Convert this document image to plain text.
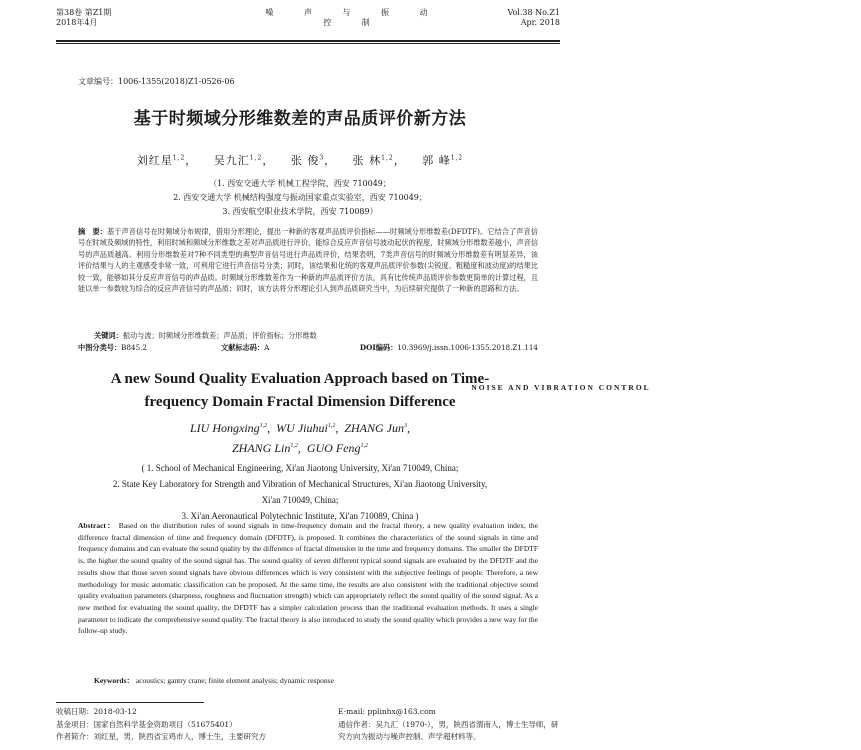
第38卷 第Z1期
2018年4月
噪 声 与 振 动 控 制
NOISE AND VIBRATION CONTROL
Vol.38 No.Z1
Apr. 2018
文章编号：1006-1355(2018)Z1-0526-06
基于时频域分形维数差的声品质评价新方法
刘红星$^{1,2}$， 吴九汇$^{1,2}$， 张 俊$^3$， 张 林$^{1,2}$， 郭 峰$^{1,2}$
（1. 西安交通大学 机械工程学院，西安 710049；
2. 西安交通大学 机械结构强度与振动国家重点实验室，西安 710049；
3. 西安航空职业技术学院，西安 710089）
摘　要：基于声音信号在时频域分布规律，借用分形理论，提出一种新的客观声品质评价指标——时频域分形维数差(DFDTF)。它结合了声音信号在时域及频域的特性，利用时域和频域分形维数之差对声品质进行评价，能综合反应声音信号波动起伏的程度，时频域分形维数差越小，声音信号的声品质越高。利用分形维数差对7种不同类型的典型声音信号进行声品质评价，结果表明，7类声音信号的时频域分形维数差有明显差异，该评价结果与人的主观感受非常一致，可利用它进行声音信号分类；同时，该结果和化统的客观声品质评价参数(尖锐度、粗糙度和波动度)的结果比较一致，能够如其分反应声音信号的声品质。时频域分形维数差作为一种新的声品质评价方法，具有比传统声品质评价参数更简单的计算过程，且能以单一参数较为综合的反应声音信号的声品质；同时，该方法将分形理论引入到声品质研究当中，为后续研究提供了一种新的思路和方法。
关键词：振动与波；时频域分形维数差；声品质；评价指标；分形维数
中图分类号：B845.2	文献标志码：A	DOI编码：10.3969/j.issn.1006-1355.2018.Z1.114
A new Sound Quality Evaluation Approach based on Time-
frequency Domain Fractal Dimension Difference
LIU Hongxing$^{1,2}$,  WU Jiuhui$^{1,2}$,  ZHANG Jun$^3$,
ZHANG Lin$^{1,2}$,  GUO Feng$^{1,2}$
( 1. School of Mechanical Engineering, Xi'an Jiaotong University, Xi'an 710049, China;
2. State Key Laboratory for Strength and Vibration of Mechanical Structures, Xi'an Jiaotong University,
Xi'an 710049, China;
3. Xi'an Aeronautical Polytechnic Institute, Xi'an 710089, China )
Abstract： Based on the distribution rules of sound signals in time-frequency domain and the fractal theory, a new quality evaluation index, the difference fractal dimension of time and frequency domain (DFDTF), is proposed. It combines the characteristics of the sound signals in time and frequency domains and can evaluate the sound quality by the difference of fractal dimension in the time and frequency domains. The smaller the DFDTF is, the higher the sound quality of the sound signal has. The sound quality of seven different typical sound signals are evaluated by the DFDTF and the results show that those seven sound signals have obvious differences which is very consistent with the subjective feelings of people. Therefore, a new methodology for music automatic classification can be proposed. At the same time, the results are also consistent with the traditional objective sound quality evaluation parameters (sharpness, roughness and fluctuation strength) which can appropriately reflect the sound quality of the sound signal. As a new method for evaluating the sound quality, the DFDTF has a simpler calculation process than the traditional evaluation methods. It uses a single parameter to indicate the comprehensive sound quality. The fractal theory is also introduced to study the sound quality which provides a new way for the follow-up study.
Keywords： acoustics; gantry crane; finite element analysis; dynamic response
收稿日期：2018-03-12
基金项目：国家自然科学基金资助项目（51675401）
作者简介：刘红星，男，陕西省宝鸡市人，博士生，主要研究方
E-mail: pplinhx@163.com
通信作者：吴九汇（1970-），男，陕西省渭南人，博士生导师，研
究方向为振动与噪声控制、声学超材料等。
